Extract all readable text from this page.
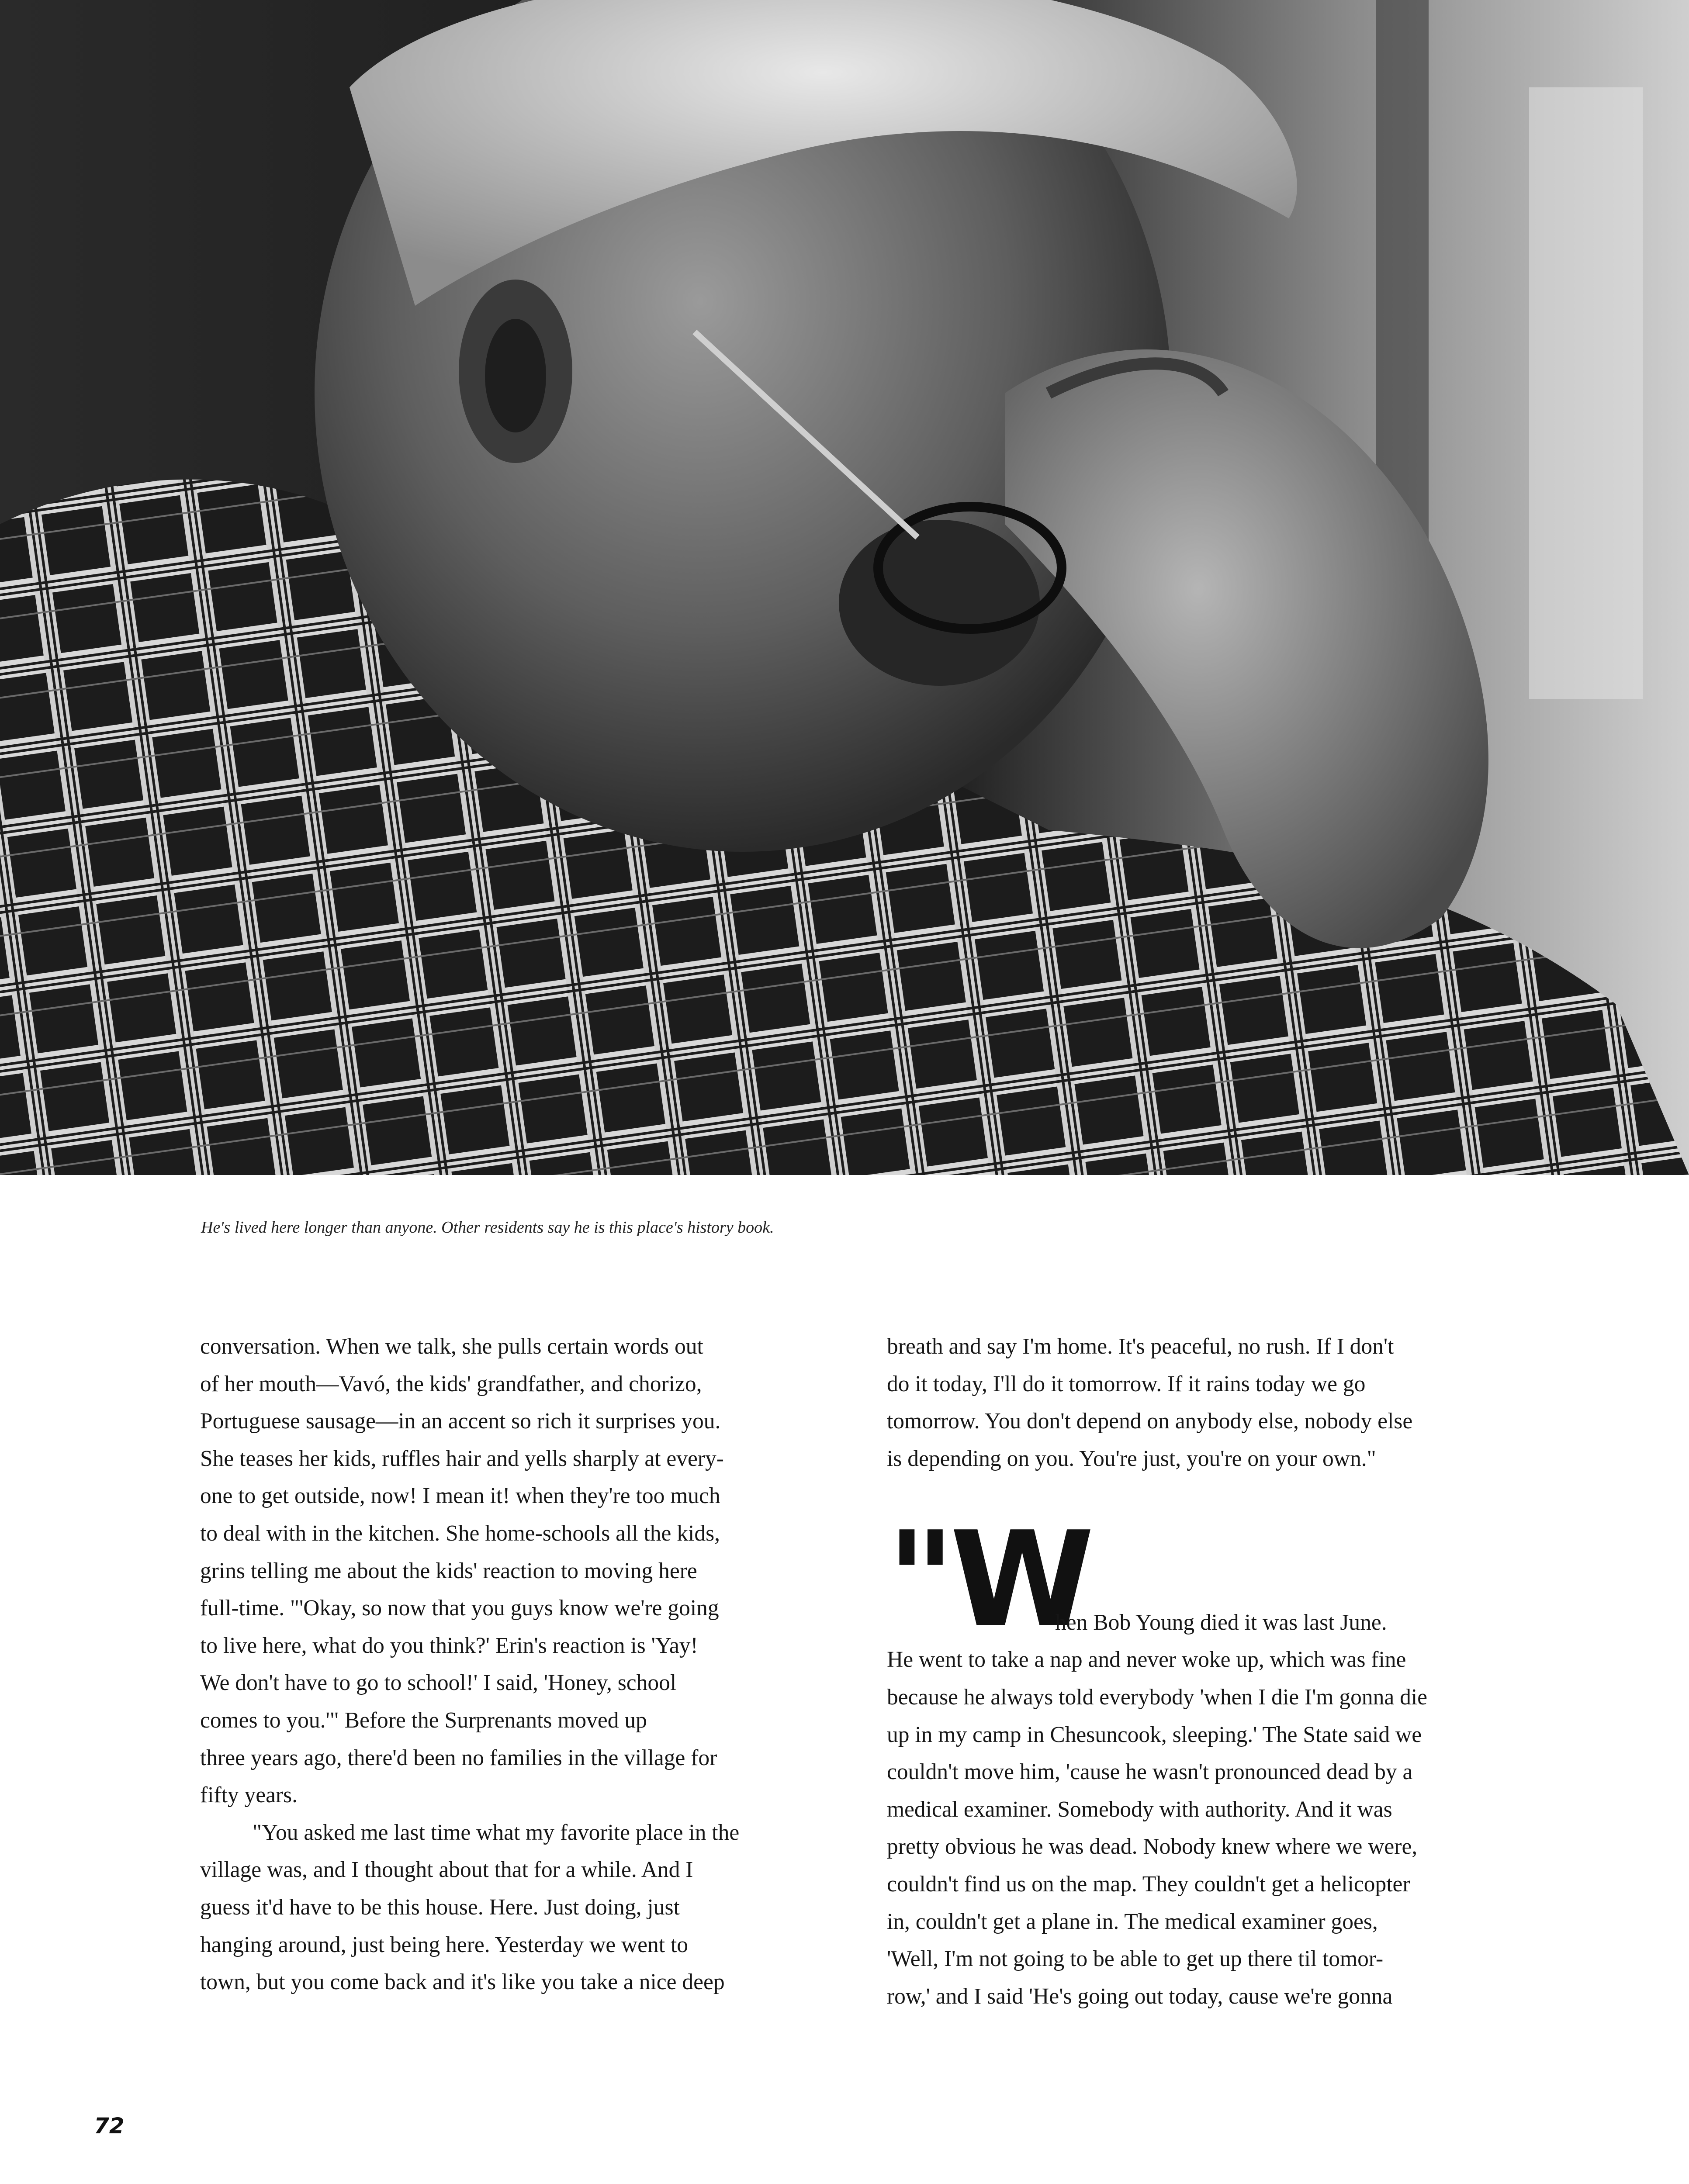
He's lived here longer than anyone. Other residents say he is this place's history book.

conversation. When we talk, she pulls certain words out

of her mouth—Vavó, the kids' grandfather, and chorizo,

Portuguese sausage—in an accent so rich it surprises you.

She teases her kids, ruffles hair and yells sharply at every-

one to get outside, now! I mean it! when they're too much

to deal with in the kitchen. She home-schools all the kids,

grins telling me about the kids' reaction to moving here

full-time. "'Okay, so now that you guys know we're going

to live here, what do you think?' Erin's reaction is 'Yay!

We don't have to go to school!' I said, 'Honey, school

comes to you.'" Before the Surprenants moved up

three years ago, there'd been no families in the village for

fifty years.

"You asked me last time what my favorite place in the

village was, and I thought about that for a while. And I

guess it'd have to be this house. Here. Just doing, just

hanging around, just being here. Yesterday we went to

town, but you come back and it's like you take a nice deep

breath and say I'm home. It's peaceful, no rush. If I don't

do it today, I'll do it tomorrow. If it rains today we go

tomorrow. You don't depend on anybody else, nobody else

is depending on you. You're just, you're on your own."

"W
hen Bob Young died it was last June.

He went to take a nap and never woke up, which was fine

because he always told everybody 'when I die I'm gonna die

up in my camp in Chesuncook, sleeping.' The State said we

couldn't move him, 'cause he wasn't pronounced dead by a

medical examiner. Somebody with authority. And it was

pretty obvious he was dead. Nobody knew where we were,

couldn't find us on the map. They couldn't get a helicopter

in, couldn't get a plane in. The medical examiner goes,

'Well, I'm not going to be able to get up there til tomor-

row,' and I said 'He's going out today, cause we're gonna

72
